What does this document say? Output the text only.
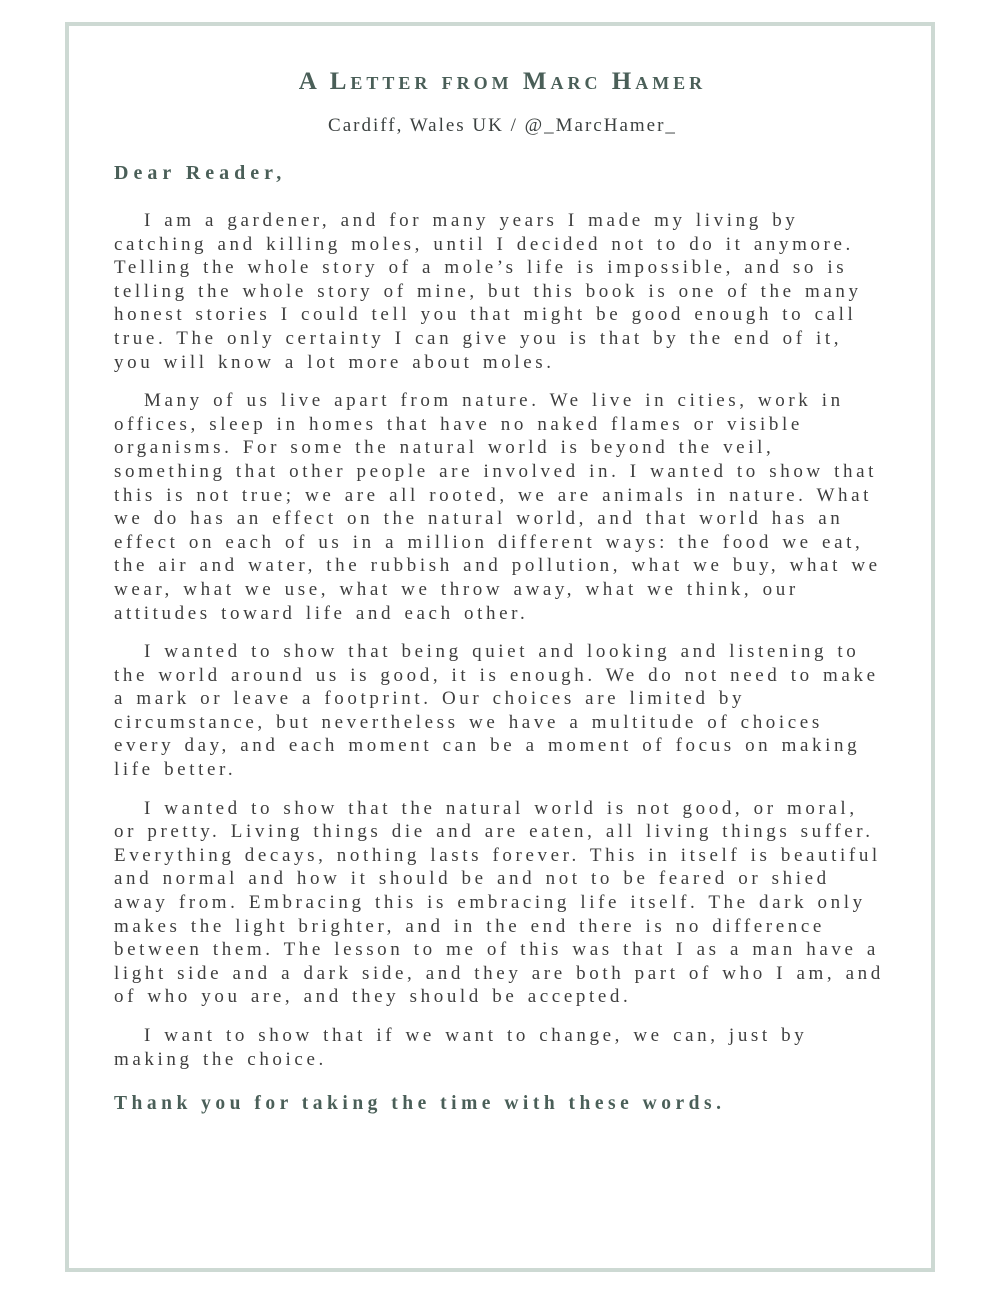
A Letter from Marc Hamer
Cardiff, Wales UK / @_MarcHamer_
Dear Reader,

I am a gardener, and for many years I made my living by catching and killing moles, until I decided not to do it anymore. Telling the whole story of a mole’s life is impossible, and so is telling the whole story of mine, but this book is one of the many honest stories I could tell you that might be good enough to call true. The only certainty I can give you is that by the end of it, you will know a lot more about moles.

Many of us live apart from nature. We live in cities, work in offices, sleep in homes that have no naked flames or visible organisms. For some the natural world is beyond the veil, something that other people are involved in. I wanted to show that this is not true; we are all rooted, we are animals in nature. What we do has an effect on the natural world, and that world has an effect on each of us in a million different ways: the food we eat, the air and water, the rubbish and pollution, what we buy, what we wear, what we use, what we throw away, what we think, our attitudes toward life and each other.

I wanted to show that being quiet and looking and listening to the world around us is good, it is enough. We do not need to make a mark or leave a footprint. Our choices are limited by circumstance, but nevertheless we have a multitude of choices every day, and each moment can be a moment of focus on making life better.

I wanted to show that the natural world is not good, or moral, or pretty. Living things die and are eaten, all living things suffer. Everything decays, nothing lasts forever. This in itself is beautiful and normal and how it should be and not to be feared or shied away from. Embracing this is embracing life itself. The dark only makes the light brighter, and in the end there is no difference between them. The lesson to me of this was that I as a man have a light side and a dark side, and they are both part of who I am, and of who you are, and they should be accepted.

I want to show that if we want to change, we can, just by making the choice.

Thank you for taking the time with these words.
